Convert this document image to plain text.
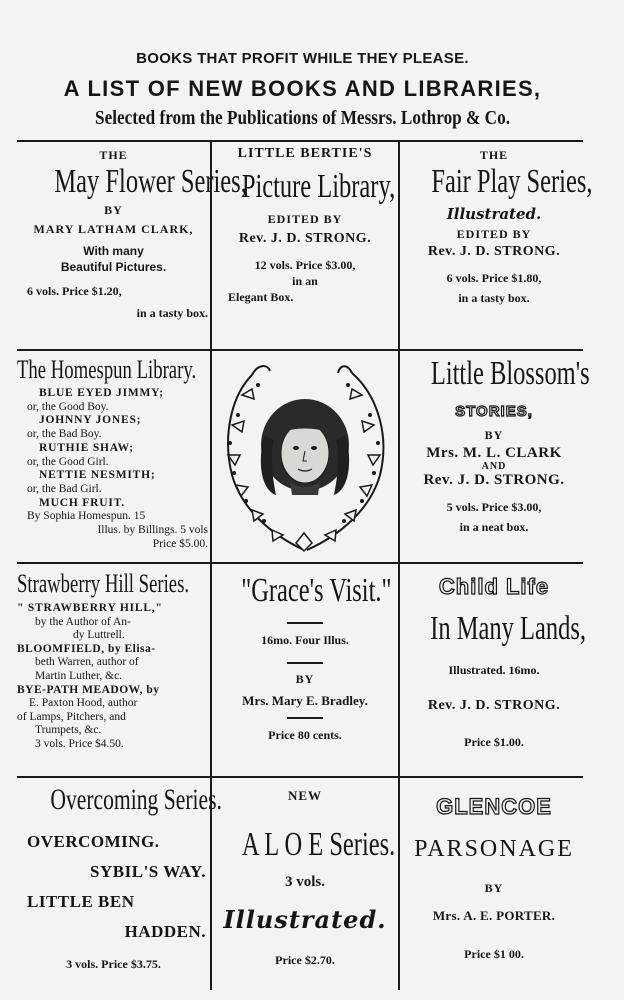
BOOKS THAT PROFIT WHILE THEY PLEASE.
A LIST OF NEW BOOKS AND LIBRARIES,
Selected from the Publications of Messrs. Lothrop & Co.
THE
May Flower Series,
BY
MARY LATHAM CLARK,
With many
Beautiful Pictures.
6 vols. Price $1.20,
in a tasty box.
LITTLE BERTIE'S
Picture Library,
EDITED BY
Rev. J. D. STRONG.
12 vols. Price $3.00,
in an
Elegant Box.
THE
Fair Play Series,
Illustrated.
EDITED BY
Rev. J. D. STRONG.
6 vols. Price $1.80,
in a tasty box.
The Homespun Library.
BLUE EYED JIMMY;
or, the Good Boy.
JOHNNY JONES;
or, the Bad Boy.
RUTHIE SHAW;
or, the Good Girl.
NETTIE NESMITH;
or, the Bad Girl.
MUCH FRUIT.
By Sophia Homespun. 15
Illus. by Billings. 5 vols
Price $5.00.
Little Blossom's
STORIES,
BY
Mrs. M. L. CLARK
AND
Rev. J. D. STRONG.
5 vols. Price $3.00,
in a neat box.
Strawberry Hill Series.
" STRAWBERRY HILL,"
by the Author of An-
dy Luttrell.
BLOOMFIELD, by Elisa-
beth Warren, author of
Martin Luther, &c.
BYE-PATH MEADOW, by
E. Paxton Hood, author
of Lamps, Pitchers, and
Trumpets, &c.
3 vols. Price $4.50.
"Grace's Visit."
16mo. Four Illus.
BY
Mrs. Mary E. Bradley.
Price 80 cents.
Child Life
In Many Lands,
Illustrated. 16mo.
Rev. J. D. STRONG.
Price $1.00.
Overcoming Series.
OVERCOMING.
SYBIL'S WAY.
LITTLE BEN
HADDEN.
3 vols. Price $3.75.
NEW
A L O E Series.
3 vols.
Illustrated.
Price $2.70.
GLENCOE
PARSONAGE
BY
Mrs. A. E. PORTER.
Price $1 00.
